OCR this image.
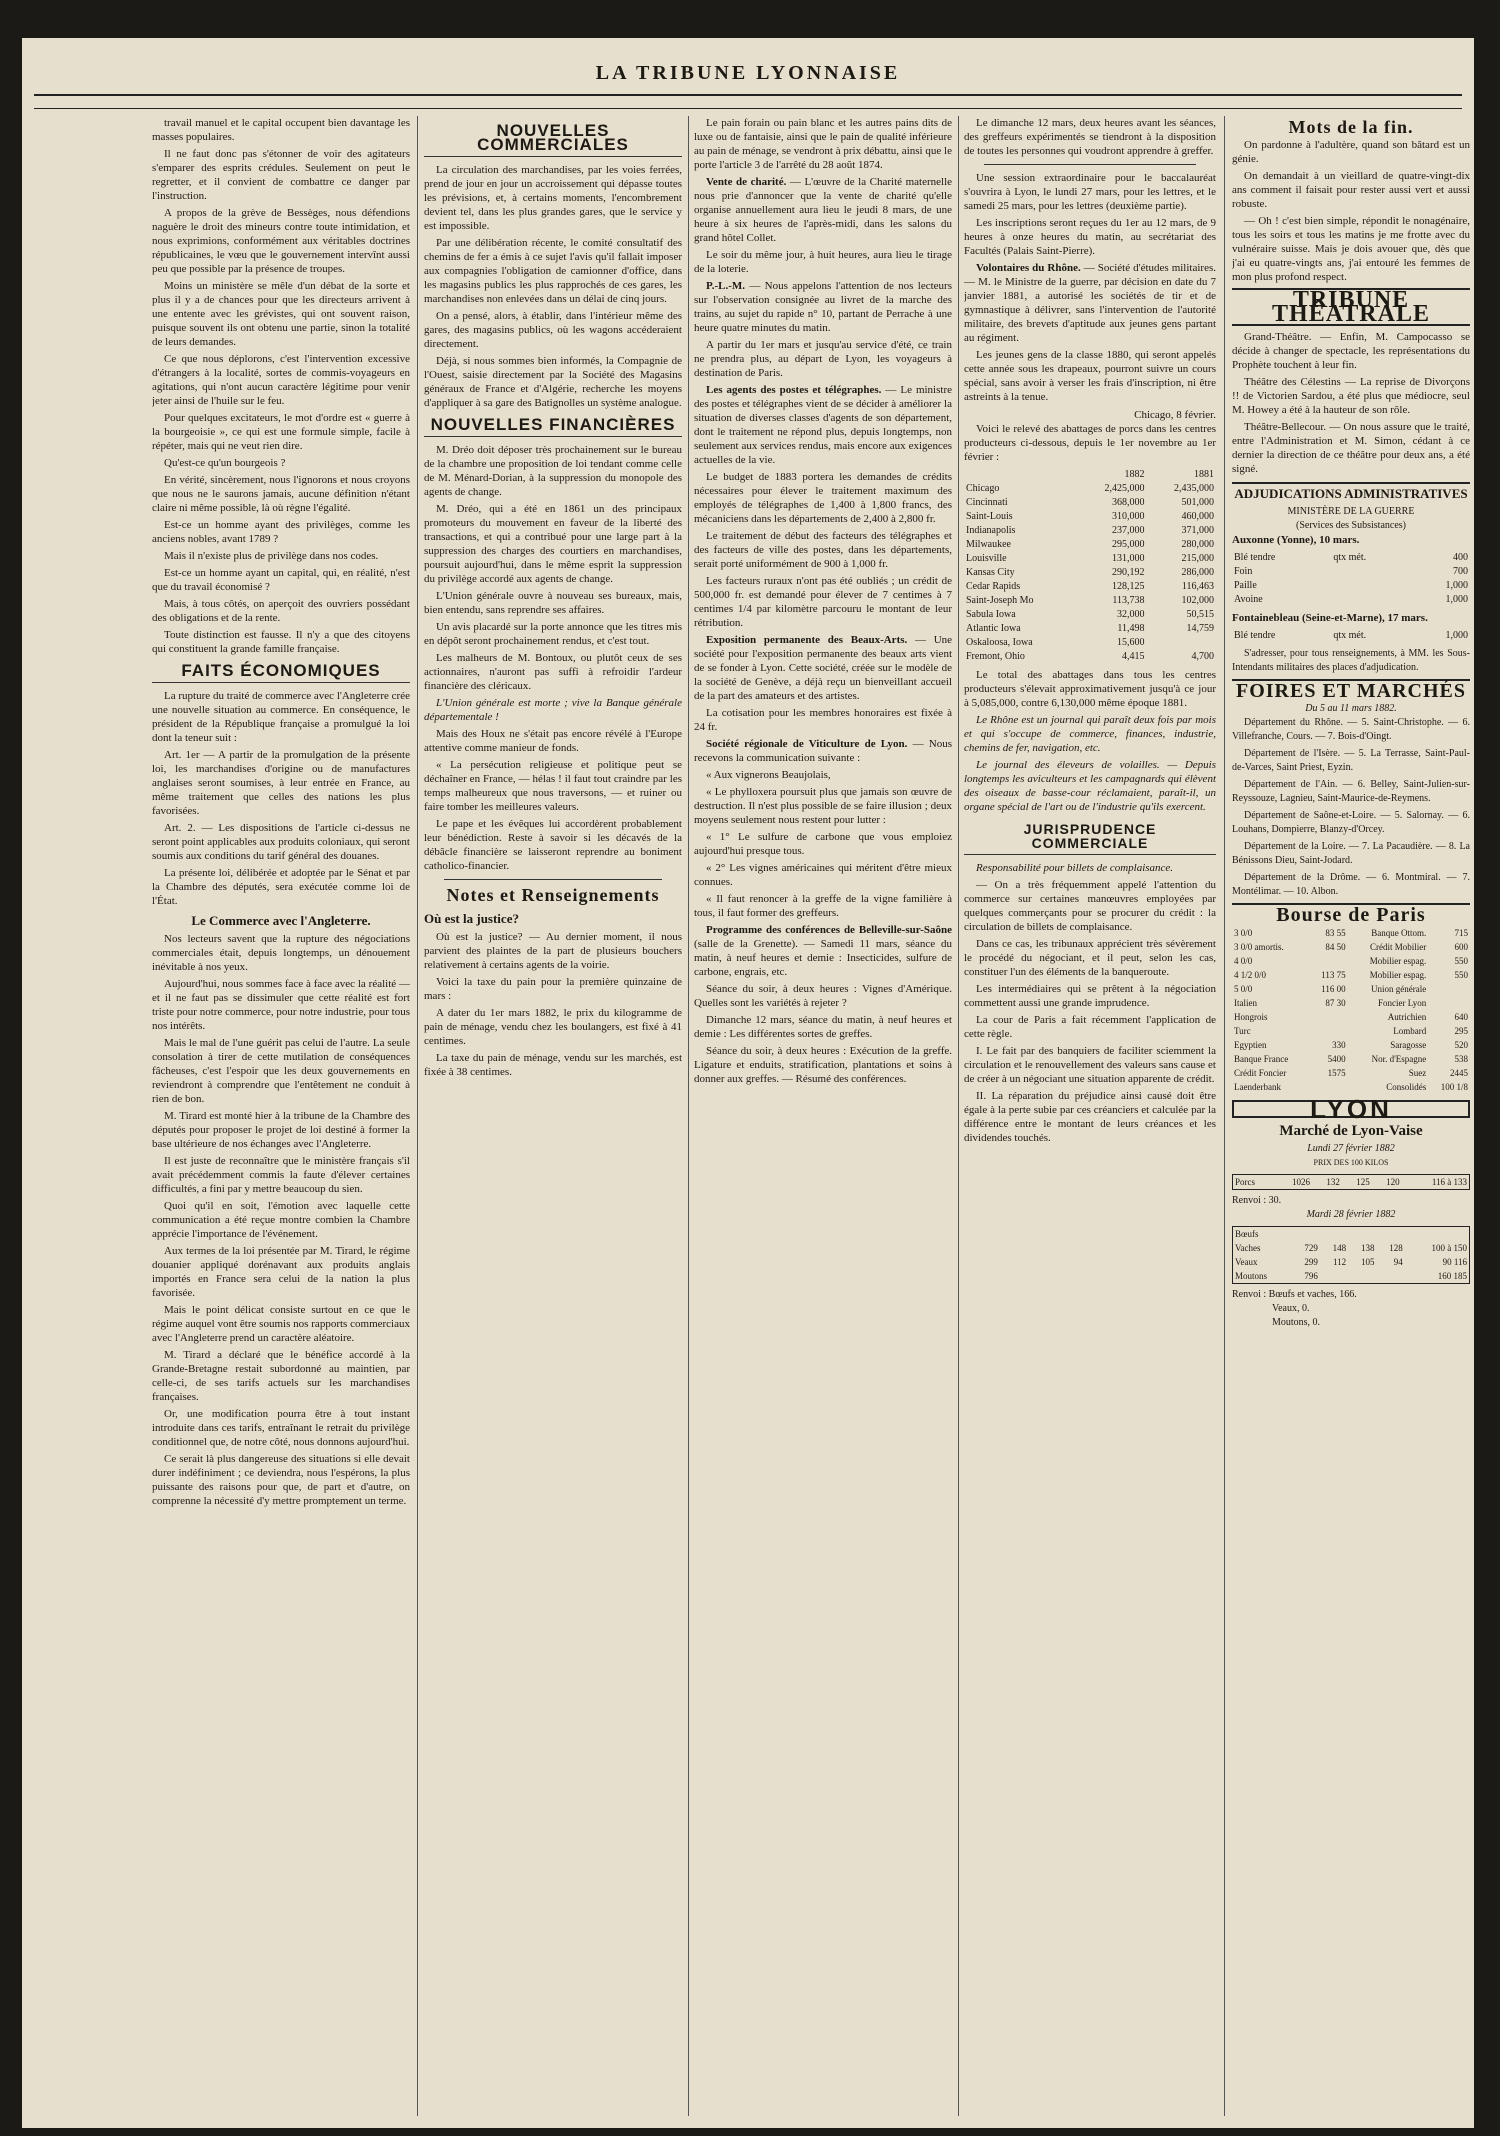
LA TRIBUNE LYONNAISE

travail manuel et le capital occupent bien davantage les masses populaires.

Il ne faut donc pas s'étonner de voir des agitateurs s'emparer des esprits crédules. Seulement on peut le regretter, et il convient de combattre ce danger par l'instruction.

A propos de la grève de Bessèges, nous défendions naguère le droit des mineurs contre toute intimidation, et nous exprimions, conformément aux véritables doctrines républicaines, le vœu que le gouvernement intervînt aussi peu que possible par la présence de troupes.

Moins un ministère se mêle d'un débat de la sorte et plus il y a de chances pour que les directeurs arrivent à une entente avec les grévistes, qui ont souvent raison, puisque souvent ils ont obtenu une partie, sinon la totalité de leurs demandes.

Ce que nous déplorons, c'est l'intervention excessive d'étrangers à la localité, sortes de commis-voyageurs en agitations, qui n'ont aucun caractère légitime pour venir jeter ainsi de l'huile sur le feu.

Pour quelques excitateurs, le mot d'ordre est « guerre à la bourgeoisie », ce qui est une formule simple, facile à répéter, mais qui ne veut rien dire.

Qu'est-ce qu'un bourgeois ?

En vérité, sincèrement, nous l'ignorons et nous croyons que nous ne le saurons jamais, aucune définition n'étant claire ni même possible, là où règne l'égalité.

Est-ce un homme ayant des privilèges, comme les anciens nobles, avant 1789 ?

Mais il n'existe plus de privilège dans nos codes.

Est-ce un homme ayant un capital, qui, en réalité, n'est que du travail économisé ?

Mais, à tous côtés, on aperçoit des ouvriers possédant des obligations et de la rente.

Toute distinction est fausse. Il n'y a que des citoyens qui constituent la grande famille française.

FAITS ÉCONOMIQUES

La rupture du traité de commerce avec l'Angleterre crée une nouvelle situation au commerce. En conséquence, le président de la République française a promulgué la loi dont la teneur suit :

Art. 1er — A partir de la promulgation de la présente loi, les marchandises d'origine ou de manufactures anglaises seront soumises, à leur entrée en France, au même traitement que celles des nations les plus favorisées.

Art. 2. — Les dispositions de l'article ci-dessus ne seront point applicables aux produits coloniaux, qui seront soumis aux conditions du tarif général des douanes.

La présente loi, délibérée et adoptée par le Sénat et par la Chambre des députés, sera exécutée comme loi de l'État.

Le Commerce avec l'Angleterre.

Nos lecteurs savent que la rupture des négociations commerciales était, depuis longtemps, un dénouement inévitable à nos yeux.

Aujourd'hui, nous sommes face à face avec la réalité — et il ne faut pas se dissimuler que cette réalité est fort triste pour notre commerce, pour notre industrie, pour tous nos intérêts.

Mais le mal de l'une guérit pas celui de l'autre. La seule consolation à tirer de cette mutilation de conséquences fâcheuses, c'est l'espoir que les deux gouvernements en reviendront à comprendre que l'entêtement ne conduit à rien de bon.

M. Tirard est monté hier à la tribune de la Chambre des députés pour proposer le projet de loi destiné à former la base ultérieure de nos échanges avec l'Angleterre.

Il est juste de reconnaître que le ministère français s'il avait précédemment commis la faute d'élever certaines difficultés, a fini par y mettre beaucoup du sien.

Quoi qu'il en soit, l'émotion avec laquelle cette communication a été reçue montre combien la Chambre apprécie l'importance de l'événement.

Aux termes de la loi présentée par M. Tirard, le régime douanier appliqué dorénavant aux produits anglais importés en France sera celui de la nation la plus favorisée.

Mais le point délicat consiste surtout en ce que le régime auquel vont être soumis nos rapports commerciaux avec l'Angleterre prend un caractère aléatoire.

M. Tirard a déclaré que le bénéfice accordé à la Grande-Bretagne restait subordonné au maintien, par celle-ci, de ses tarifs actuels sur les marchandises françaises.

Or, une modification pourra être à tout instant introduite dans ces tarifs, entraînant le retrait du privilège conditionnel que, de notre côté, nous donnons aujourd'hui.

Ce serait là plus dangereuse des situations si elle devait durer indéfiniment ; ce deviendra, nous l'espérons, la plus puissante des raisons pour que, de part et d'autre, on comprenne la nécessité d'y mettre promptement un terme.

NOUVELLES COMMERCIALES

La circulation des marchandises, par les voies ferrées, prend de jour en jour un accroissement qui dépasse toutes les prévisions, et, à certains moments, l'encombrement devient tel, dans les plus grandes gares, que le service y est impossible.

Par une délibération récente, le comité consultatif des chemins de fer a émis à ce sujet l'avis qu'il fallait imposer aux compagnies l'obligation de camionner d'office, dans les magasins publics les plus rapprochés de ces gares, les marchandises non enlevées dans un délai de cinq jours.

On a pensé, alors, à établir, dans l'intérieur même des gares, des magasins publics, où les wagons accéderaient directement.

Déjà, si nous sommes bien informés, la Compagnie de l'Ouest, saisie directement par la Société des Magasins généraux de France et d'Algérie, recherche les moyens d'appliquer à sa gare des Batignolles un système analogue.

NOUVELLES FINANCIÈRES

M. Dréo doit déposer très prochainement sur le bureau de la chambre une proposition de loi tendant comme celle de M. Ménard-Dorian, à la suppression du monopole des agents de change.

M. Dréo, qui a été en 1861 un des principaux promoteurs du mouvement en faveur de la liberté des transactions, et qui a contribué pour une large part à la suppression des charges des courtiers en marchandises, poursuit aujourd'hui, dans le même esprit la suppression du privilège accordé aux agents de change.

L'Union générale ouvre à nouveau ses bureaux, mais, bien entendu, sans reprendre ses affaires.

Un avis placardé sur la porte annonce que les titres mis en dépôt seront prochainement rendus, et c'est tout.

Les malheurs de M. Bontoux, ou plutôt ceux de ses actionnaires, n'auront pas suffi à refroidir l'ardeur financière des cléricaux.

L'Union générale est morte ; vive la Banque générale départementale !

Mais des Houx ne s'était pas encore révélé à l'Europe attentive comme manieur de fonds.

« La persécution religieuse et politique peut se déchaîner en France, — hélas ! il faut tout craindre par les temps malheureux que nous traversons, — et ruiner ou faire tomber les meilleures valeurs.

Le pape et les évêques lui accordèrent probablement leur bénédiction. Reste à savoir si les décavés de la débâcle financière se laisseront reprendre au boniment catholico-financier.

Notes et Renseignements
Où est la justice?

Où est la justice? — Au dernier moment, il nous parvient des plaintes de la part de plusieurs bouchers relativement à certains agents de la voirie.

Voici la taxe du pain pour la première quinzaine de mars :

A dater du 1er mars 1882, le prix du kilogramme de pain de ménage, vendu chez les boulangers, est fixé à 41 centimes.

La taxe du pain de ménage, vendu sur les marchés, est fixée à 38 centimes.

Le pain forain ou pain blanc et les autres pains dits de luxe ou de fantaisie, ainsi que le pain de qualité inférieure au pain de ménage, se vendront à prix débattu, ainsi que le porte l'article 3 de l'arrêté du 28 août 1874.

Vente de charité. — L'œuvre de la Charité maternelle nous prie d'annoncer que la vente de charité qu'elle organise annuellement aura lieu le jeudi 8 mars, de une heure à six heures de l'après-midi, dans les salons du grand hôtel Collet.

Le soir du même jour, à huit heures, aura lieu le tirage de la loterie.

P.-L.-M. — Nous appelons l'attention de nos lecteurs sur l'observation consignée au livret de la marche des trains, au sujet du rapide n° 10, partant de Perrache à une heure quatre minutes du matin.

A partir du 1er mars et jusqu'au service d'été, ce train ne prendra plus, au départ de Lyon, les voyageurs à destination de Paris.

Les agents des postes et télégraphes. — Le ministre des postes et télégraphes vient de se décider à améliorer la situation de diverses classes d'agents de son département, dont le traitement ne répond plus, depuis longtemps, non seulement aux services rendus, mais encore aux exigences actuelles de la vie.

Le budget de 1883 portera les demandes de crédits nécessaires pour élever le traitement maximum des employés de télégraphes de 1,400 à 1,800 francs, des mécaniciens dans les départements de 2,400 à 2,800 fr.

Le traitement de début des facteurs des télégraphes et des facteurs de ville des postes, dans les départements, serait porté uniformément de 900 à 1,000 fr.

Les facteurs ruraux n'ont pas été oubliés ; un crédit de 500,000 fr. est demandé pour élever de 7 centimes à 7 centimes 1/4 par kilomètre parcouru le montant de leur rétribution.

Exposition permanente des Beaux-Arts. — Une société pour l'exposition permanente des beaux arts vient de se fonder à Lyon. Cette société, créée sur le modèle de la société de Genève, a déjà reçu un bienveillant accueil de la part des amateurs et des artistes.

La cotisation pour les membres honoraires est fixée à 24 fr.

Société régionale de Viticulture de Lyon. — Nous recevons la communication suivante :

« Aux vignerons Beaujolais,

« Le phylloxera poursuit plus que jamais son œuvre de destruction. Il n'est plus possible de se faire illusion ; deux moyens seulement nous restent pour lutter :

« 1° Le sulfure de carbone que vous emploiez aujourd'hui presque tous.

« 2° Les vignes américaines qui méritent d'être mieux connues.

« Il faut renoncer à la greffe de la vigne familière à tous, il faut former des greffeurs.

Programme des conférences de Belleville-sur-Saône (salle de la Grenette). — Samedi 11 mars, séance du matin, à neuf heures et demie : Insecticides, sulfure de carbone, engrais, etc.

Séance du soir, à deux heures : Vignes d'Amérique. Quelles sont les variétés à rejeter ?

Dimanche 12 mars, séance du matin, à neuf heures et demie : Les différentes sortes de greffes.

Séance du soir, à deux heures : Exécution de la greffe. Ligature et enduits, stratification, plantations et soins à donner aux greffes. — Résumé des conférences.

Le dimanche 12 mars, deux heures avant les séances, des greffeurs expérimentés se tiendront à la disposition de toutes les personnes qui voudront apprendre à greffer.

Une session extraordinaire pour le baccalauréat s'ouvrira à Lyon, le lundi 27 mars, pour les lettres, et le samedi 25 mars, pour les lettres (deuxième partie).

Les inscriptions seront reçues du 1er au 12 mars, de 9 heures à onze heures du matin, au secrétariat des Facultés (Palais Saint-Pierre).

Volontaires du Rhône. — Société d'études militaires. — M. le Ministre de la guerre, par décision en date du 7 janvier 1881, a autorisé les sociétés de tir et de gymnastique à délivrer, sans l'intervention de l'autorité militaire, des brevets d'aptitude aux jeunes gens partant au régiment.

Les jeunes gens de la classe 1880, qui seront appelés cette année sous les drapeaux, pourront suivre un cours spécial, sans avoir à verser les frais d'inscription, ni être astreints à la tenue.

Chicago, 8 février.

Voici le relevé des abattages de porcs dans les centres producteurs ci-dessous, depuis le 1er novembre au 1er février :

	1882	1881
Chicago	2,425,000	2,435,000
Cincinnati	368,000	501,000
Saint-Louis	310,000	460,000
Indianapolis	237,000	371,000
Milwaukee	295,000	280,000
Louisville	131,000	215,000
Kansas City	290,192	286,000
Cedar Rapids	128,125	116,463
Saint-Joseph Mo	113,738	102,000
Sabula Iowa	32,000	50,515
Atlantic Iowa	11,498	14,759
Oskaloosa, Iowa	15,600	
Fremont, Ohio	4,415	4,700

Le total des abattages dans tous les centres producteurs s'élevait approximativement jusqu'à ce jour à 5,085,000, contre 6,130,000 même époque 1881.

Le Rhône est un journal qui paraît deux fois par mois et qui s'occupe de commerce, finances, industrie, chemins de fer, navigation, etc.

Le journal des éleveurs de volailles. — Depuis longtemps les aviculteurs et les campagnards qui élèvent des oiseaux de basse-cour réclamaient, paraît-il, un organe spécial de l'art ou de l'industrie qu'ils exercent.

JURISPRUDENCE COMMERCIALE

Responsabilité pour billets de complaisance.

— On a très fréquemment appelé l'attention du commerce sur certaines manœuvres employées par quelques commerçants pour se procurer du crédit : la circulation de billets de complaisance.

Dans ce cas, les tribunaux apprécient très sévèrement le procédé du négociant, et il peut, selon les cas, constituer l'un des éléments de la banqueroute.

Les intermédiaires qui se prêtent à la négociation commettent aussi une grande imprudence.

La cour de Paris a fait récemment l'application de cette règle.

I. Le fait par des banquiers de faciliter sciemment la circulation et le renouvellement des valeurs sans cause et de créer à un négociant une situation apparente de crédit.

II. La réparation du préjudice ainsi causé doit être égale à la perte subie par ces créanciers et calculée par la différence entre le montant de leurs créances et les dividendes touchés.

Mots de la fin.

On pardonne à l'adultère, quand son bâtard est un génie.

On demandait à un vieillard de quatre-vingt-dix ans comment il faisait pour rester aussi vert et aussi robuste.

— Oh ! c'est bien simple, répondit le nonagénaire, tous les soirs et tous les matins je me frotte avec du vulnéraire suisse. Mais je dois avouer que, dès que j'ai eu quatre-vingts ans, j'ai entouré les femmes de mon plus profond respect.

TRIBUNE THÉATRALE

Grand-Théâtre. — Enfin, M. Campocasso se décide à changer de spectacle, les représentations du Prophète touchent à leur fin.

Théâtre des Célestins — La reprise de Divorçons !! de Victorien Sardou, a été plus que médiocre, seul M. Howey a été à la hauteur de son rôle.

Théâtre-Bellecour. — On nous assure que le traité, entre l'Administration et M. Simon, cédant à ce dernier la direction de ce théâtre pour deux ans, a été signé.

ADJUDICATIONS ADMINISTRATIVES
MINISTÈRE DE LA GUERRE
(Services des Subsistances)
Auxonne (Yonne), 10 mars.
Blé tendre	qtx mét.	400
Foin		700
Paille		1,000
Avoine		1,000
Fontainebleau (Seine-et-Marne), 17 mars.
Blé tendre	qtx mét.	1,000

S'adresser, pour tous renseignements, à MM. les Sous-Intendants militaires des places d'adjudication.

FOIRES ET MARCHÉS
Du 5 au 11 mars 1882.

Département du Rhône. — 5. Saint-Christophe. — 6. Villefranche, Cours. — 7. Bois-d'Oingt.

Département de l'Isère. — 5. La Terrasse, Saint-Paul-de-Varces, Saint Priest, Eyzin.

Département de l'Ain. — 6. Belley, Saint-Julien-sur-Reyssouze, Lagnieu, Saint-Maurice-de-Reymens.

Département de Saône-et-Loire. — 5. Salornay. — 6. Louhans, Dompierre, Blanzy-d'Orcey.

Département de la Loire. — 7. La Pacaudière. — 8. La Bénissons Dieu, Saint-Jodard.

Département de la Drôme. — 6. Montmiral. — 7. Montélimar. — 10. Albon.

Bourse de Paris
3 0/0	83 55	Banque Ottom.	715
3 0/0 amortis.	84 50	Crédit Mobilier	600
4 0/0		Mobilier espag.	550
4 1/2 0/0	113 75	Mobilier espag.	550
5 0/0	116 00	Union générale	
Italien	87 30	Foncier Lyon	
Hongrois		Autrichien	640
Turc		Lombard	295
Egyptien	330	Saragosse	520
Banque France	5400	Nor. d'Espagne	538
Crédit Foncier	1575	Suez	2445
Laenderbank		Consolidés	100 1/8
LYON
Marché de Lyon-Vaise
Lundi 27 février 1882
PRIX DES 100 KILOS
Porcs	1026	132	125	120	116 à 133
Renvoi : 30.
Mardi 28 février 1882
Bœufs					
Vaches	729	148	138	128	100 à 150
Veaux	299	112	105	94	90 116
Moutons	796				160 185
Renvoi : Bœufs et vaches, 166.
Veaux, 0.
Moutons, 0.
